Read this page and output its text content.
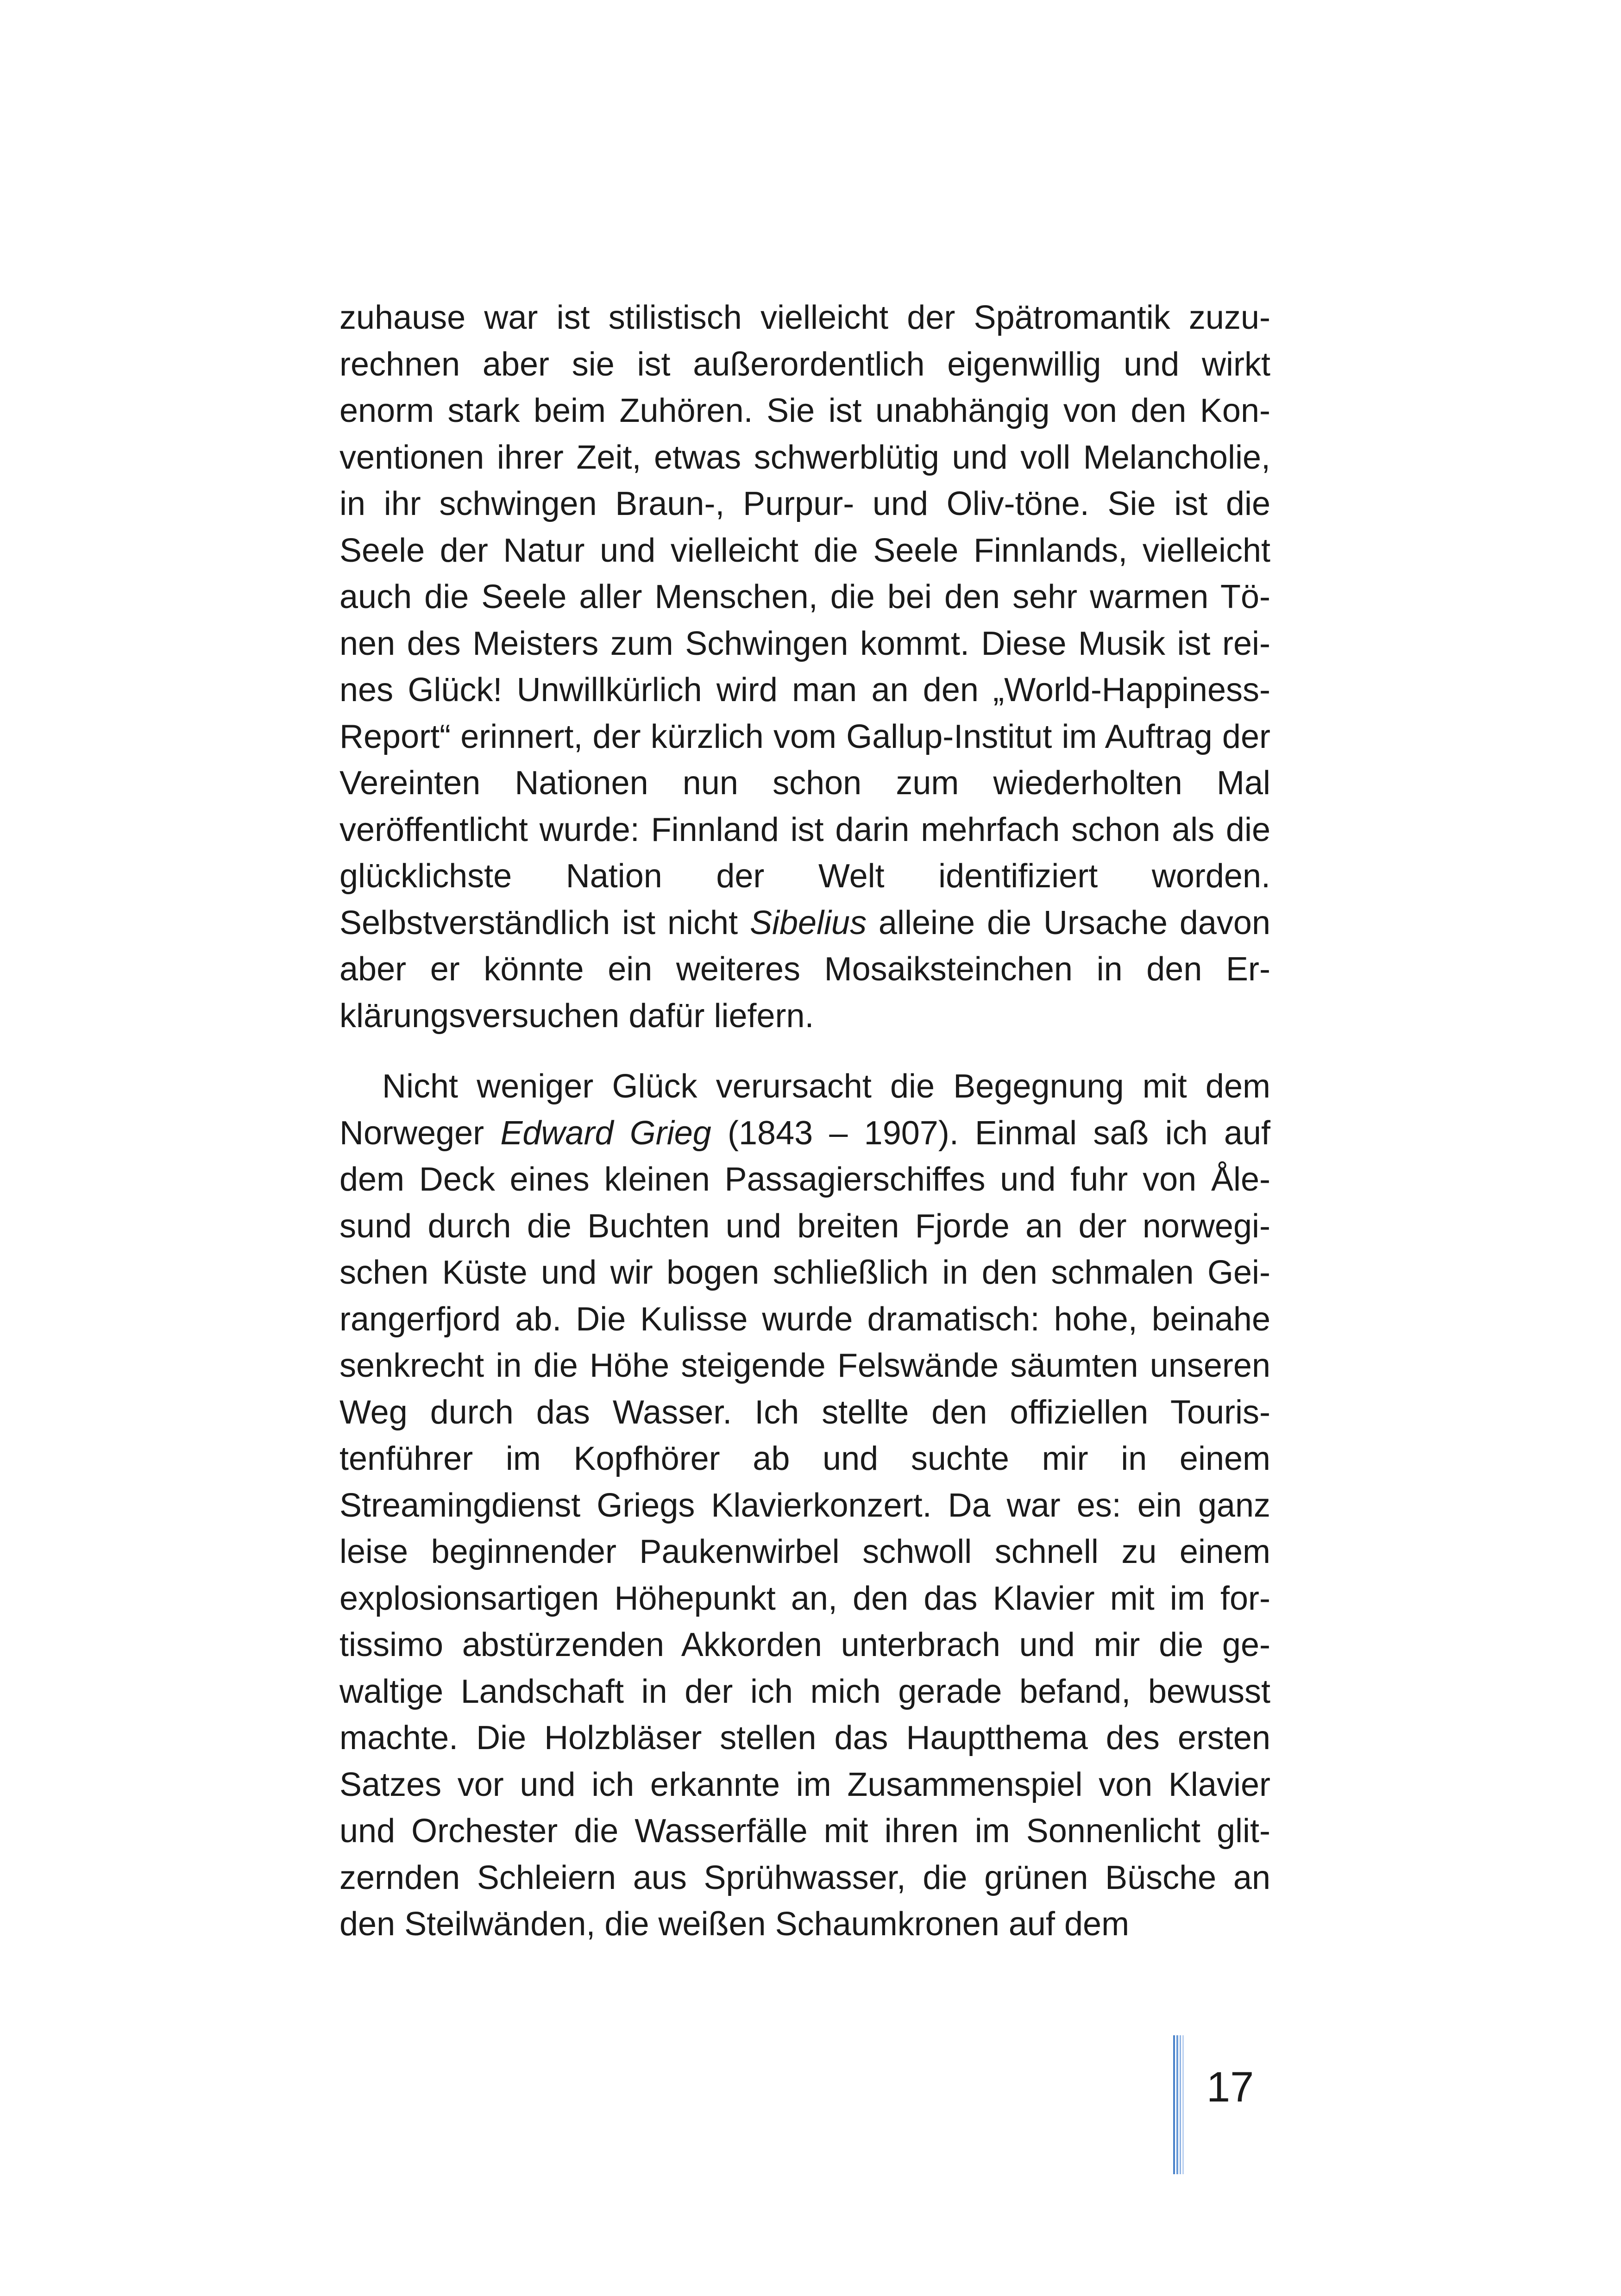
zuhause war ist stilistisch vielleicht der Spätromantik zuzurechnen aber sie ist außerordentlich eigenwillig und wirkt enorm stark beim Zuhören. Sie ist unabhängig von den Konventionen ihrer Zeit, etwas schwerblütig und voll Melancholie, in ihr schwingen Braun-, Purpur- und Oliv-töne. Sie ist die Seele der Natur und vielleicht die Seele Finnlands, vielleicht auch die Seele aller Menschen, die bei den sehr warmen Tönen des Meisters zum Schwingen kommt. Diese Musik ist reines Glück! Unwillkürlich wird man an den „World-Happiness-Report“ erinnert, der kürzlich vom Gallup-Institut im Auftrag der Vereinten Nationen nun schon zum wiederholten Mal veröffentlicht wurde: Finnland ist darin mehrfach schon als die glücklichste Nation der Welt identifiziert worden. Selbstverständlich ist nicht Sibelius alleine die Ursache davon aber er könnte ein weiteres Mosaiksteinchen in den Erklärungsversuchen dafür liefern.

Nicht weniger Glück verursacht die Begegnung mit dem Norweger Edward Grieg (1843 – 1907). Einmal saß ich auf dem Deck eines kleinen Passagierschiffes und fuhr von Ålesund durch die Buchten und breiten Fjorde an der norwegischen Küste und wir bogen schließlich in den schmalen Geirangerfjord ab. Die Kulisse wurde dramatisch: hohe, beinahe senkrecht in die Höhe steigende Felswände säumten unseren Weg durch das Wasser. Ich stellte den offiziellen Touristenführer im Kopfhörer ab und suchte mir in einem Streamingdienst Griegs Klavierkonzert. Da war es: ein ganz leise beginnender Paukenwirbel schwoll schnell zu einem explosionsartigen Höhepunkt an, den das Klavier mit im fortissimo abstürzenden Akkorden unterbrach und mir die gewaltige Landschaft in der ich mich gerade befand, bewusst machte. Die Holzbläser stellen das Hauptthema des ersten Satzes vor und ich erkannte im Zusammenspiel von Klavier und Orchester die Wasserfälle mit ihren im Sonnenlicht glitzernden Schleiern aus Sprühwasser, die grünen Büsche an den Steilwänden, die weißen Schaumkronen auf dem

17
